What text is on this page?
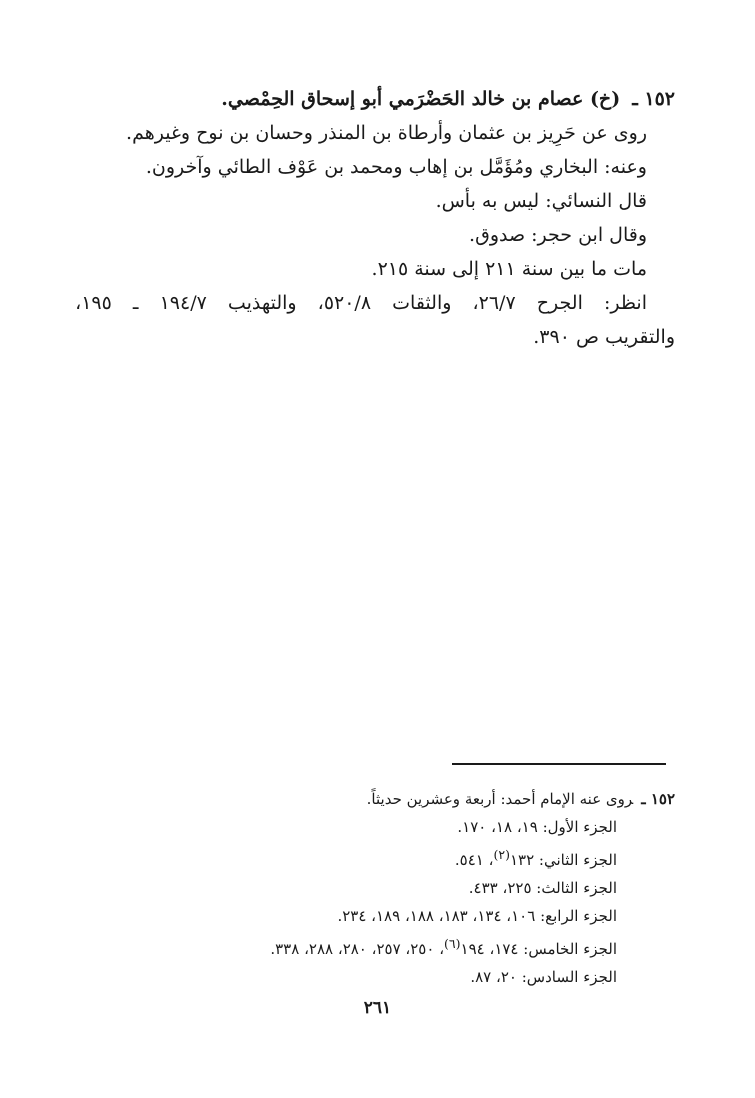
١٥٢ ـ(خ) عصام بن خالد الحَضْرَمي أبو إسحاق الحِمْصي.
روى عن حَرِيز بن عثمان وأرطاة بن المنذر وحسان بن نوح وغيرهم.
وعنه: البخاري ومُؤَمَّل بن إهاب ومحمد بن عَوْف الطائي وآخرون.
قال النسائي: ليس به بأس.
وقال ابن حجر: صدوق.
مات ما بين سنة ٢١١ إلى سنة ٢١٥.
انظر:
الجرح
٢٦/٧،
والثقات
٥٢٠/٨،
والتهذيب
١٩٤/٧
ـ
١٩٥،
والتقريب ص ٣٩٠.
١٥٢ ـروى عنه الإمام أحمد: أربعة وعشرين حديثاً.
الجزء الأول: ١٩، ١٨، ١٧٠.
الجزء الثاني: ١٣٢$^{(٢)}$، ٥٤١.
الجزء الثالث: ٢٢٥، ٤٣٣.
الجزء الرابع: ١٠٦، ١٣٤، ١٨٣، ١٨٨، ١٨٩، ٢٣٤.
الجزء الخامس: ١٧٤، ١٩٤$^{(٦)}$، ٢٥٠، ٢٥٧، ٢٨٠، ٢٨٨، ٣٣٨.
الجزء السادس: ٢٠، ٨٧.
٢٦١
